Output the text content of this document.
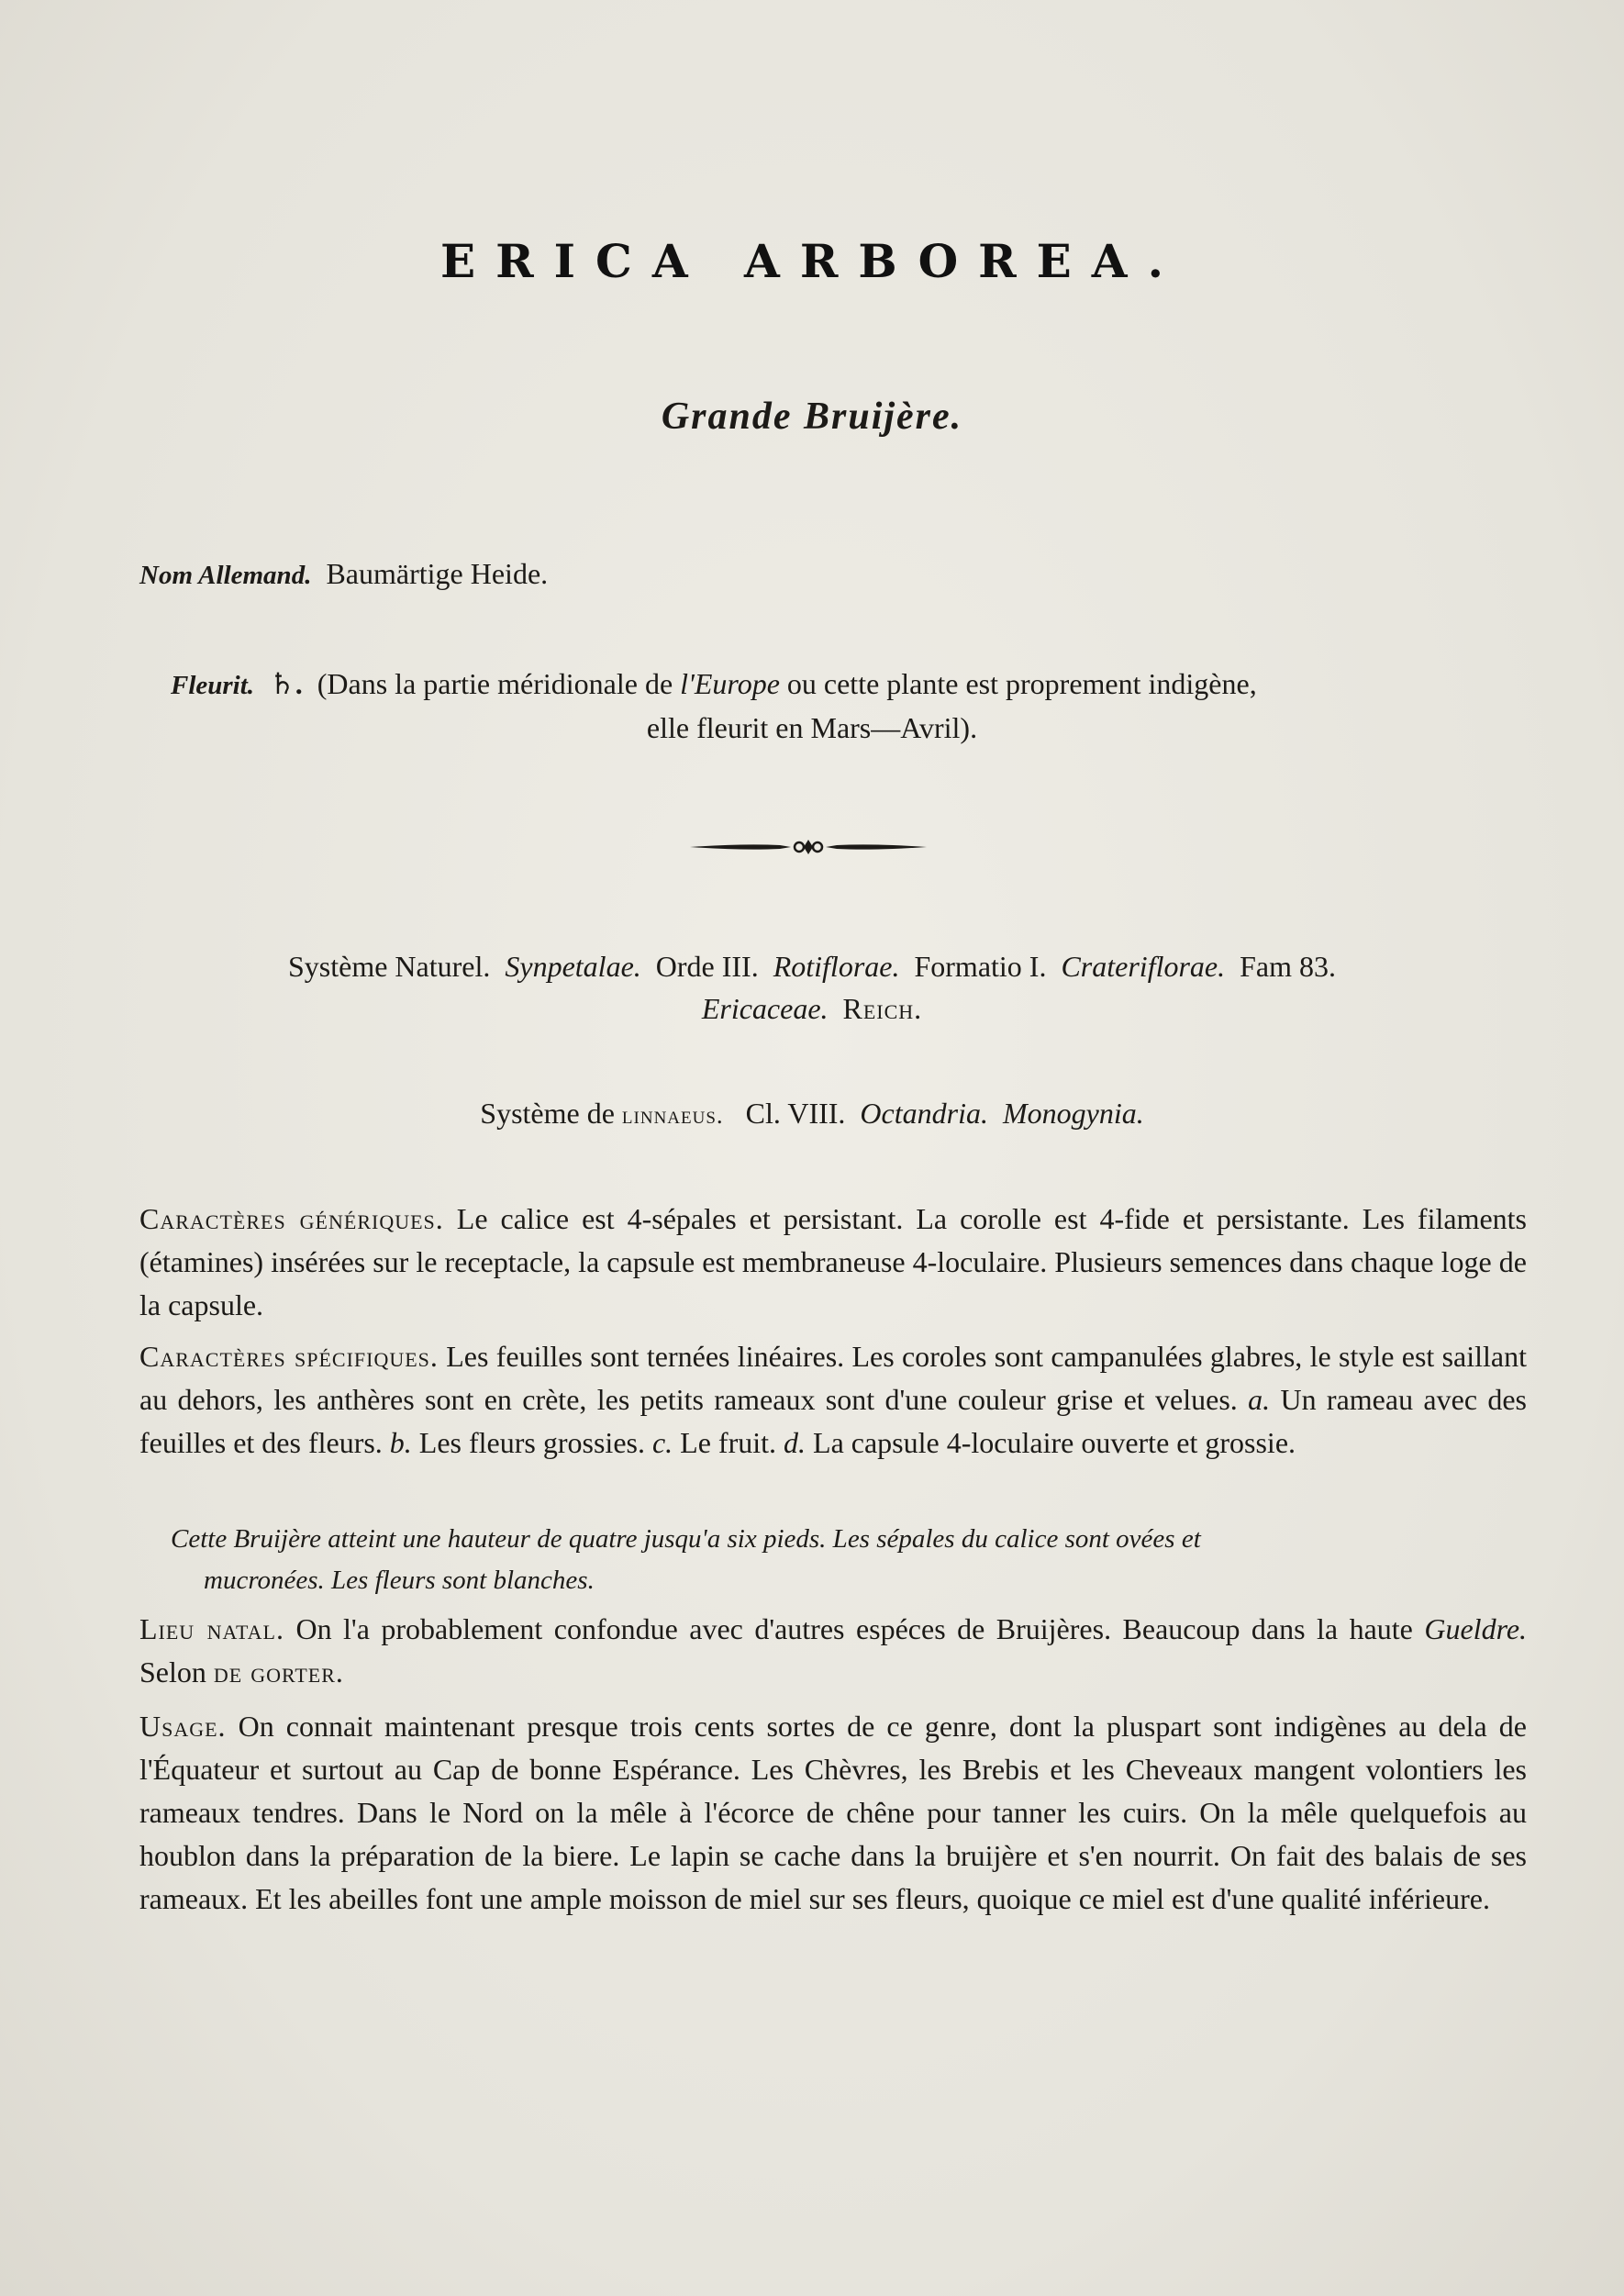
ERICA ARBOREA.
Grande Bruijère.
Nom Allemand. Baumärtige Heide.
Fleurit. ♄. (Dans la partie méridionale de l'Europe ou cette plante est proprement indigène,
elle fleurit en Mars—Avril).
Système Naturel. Synpetalae. Orde III. Rotiflorae. Formatio I. Crateriflorae. Fam 83.
Ericaceae. Reich.
Système de linnaeus. Cl. VIII. Octandria. Monogynia.
Caractères génériques. Le calice est 4-sépales et persistant. La corolle est 4-fide et persistante. Les filaments (étamines) insérées sur le receptacle, la capsule est membraneuse 4-loculaire. Plusieurs semences dans chaque loge de la capsule.
Caractères spécifiques. Les feuilles sont ternées linéaires. Les coroles sont campanulées glabres, le style est saillant au dehors, les anthères sont en crète, les petits rameaux sont d'une couleur grise et velues. a. Un rameau avec des feuilles et des fleurs. b. Les fleurs grossies. c. Le fruit. d. La capsule 4-loculaire ouverte et grossie.
Cette Bruijère atteint une hauteur de quatre jusqu'a six pieds. Les sépales du calice sont ovées et
mucronées. Les fleurs sont blanches.
Lieu natal. On l'a probablement confondue avec d'autres espéces de Bruijères. Beaucoup dans la haute Gueldre. Selon de gorter.
Usage. On connait maintenant presque trois cents sortes de ce genre, dont la pluspart sont indigènes au dela de l'Équateur et surtout au Cap de bonne Espérance. Les Chèvres, les Brebis et les Cheveaux mangent volontiers les rameaux tendres. Dans le Nord on la mêle à l'écorce de chêne pour tanner les cuirs. On la mêle quelquefois au houblon dans la préparation de la biere. Le lapin se cache dans la bruijère et s'en nourrit. On fait des balais de ses rameaux. Et les abeilles font une ample moisson de miel sur ses fleurs, quoique ce miel est d'une qualité inférieure.
